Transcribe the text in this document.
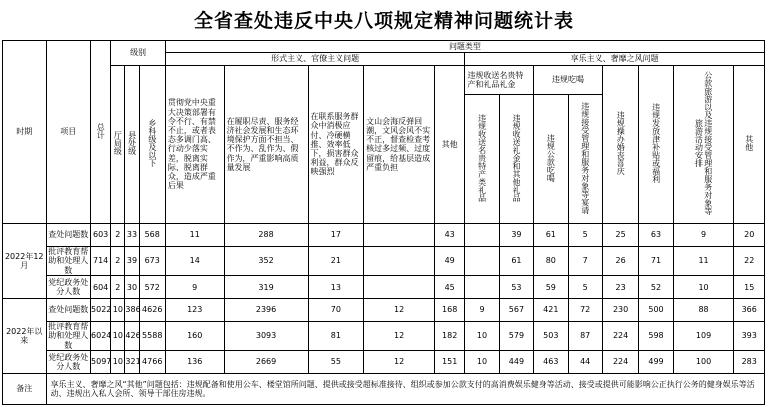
全省查处违反中央八项规定精神问题统计表
时期	项目	总计	级别			问题类型												
						形式主义、官僚主义问题					享乐主义、奢靡之风问题							
			厅局级	县处级	乡科级及以下	贯彻党中央重大决策部署有令不行、有禁不止，或者表态多调门高、行动少落实差，脱离实际、脱离群众，造成严重后果	在履职尽责、服务经济社会发展和生态环境保护方面不担当、不作为、乱作为、假作为，严重影响高质量发展	在联系服务群众中消极应付、冷硬横推、效率低下，损害群众利益，群众反映强烈	文山会海反弹回潮，文风会风不实不正，督查检查考核过多过频、过度留痕，给基层造成严重负担	其他	违规收送名贵特产和礼品礼金		违规吃喝		违规操办婚丧喜庆	违规发放津补贴或福利	公款旅游以及违规接受管理和服务对象等旅游活动安排	其他
											违规收送名贵特产类礼品	违规收送礼金和其他礼品	违规公款吃喝	违规接受管理和服务对象等宴请				
2022年12月	查处问题数	603	2	33	568	11	288	17		43		39	61	5	25	63	9	20
	批评教育帮助和处理人数	714	2	39	673	14	352	21		49		61	80	7	26	71	11	22
	党纪政务处分人数	604	2	30	572	9	319	13		45		53	59	5	23	52	10	15
2022年以来	查处问题数	5022	10	386	4626	123	2396	70	12	168	9	567	421	72	230	500	88	366
	批评教育帮助和处理人数	6024	10	426	5588	160	3093	81	12	182	10	579	503	87	224	598	109	393
	党纪政务处分人数	5097	10	321	4766	136	2669	55	12	151	10	449	463	44	224	499	100	283
备注	享乐主义、奢靡之风“其他”问题包括：违规配备和使用公车、楼堂馆所问题、提供或接受超标准接待、组织或参加公款支付的高消费娱乐健身等活动、接受或提供可能影响公正执行公务的健身娱乐等活动、违规出入私人会所、领导干部住房违规。																	
